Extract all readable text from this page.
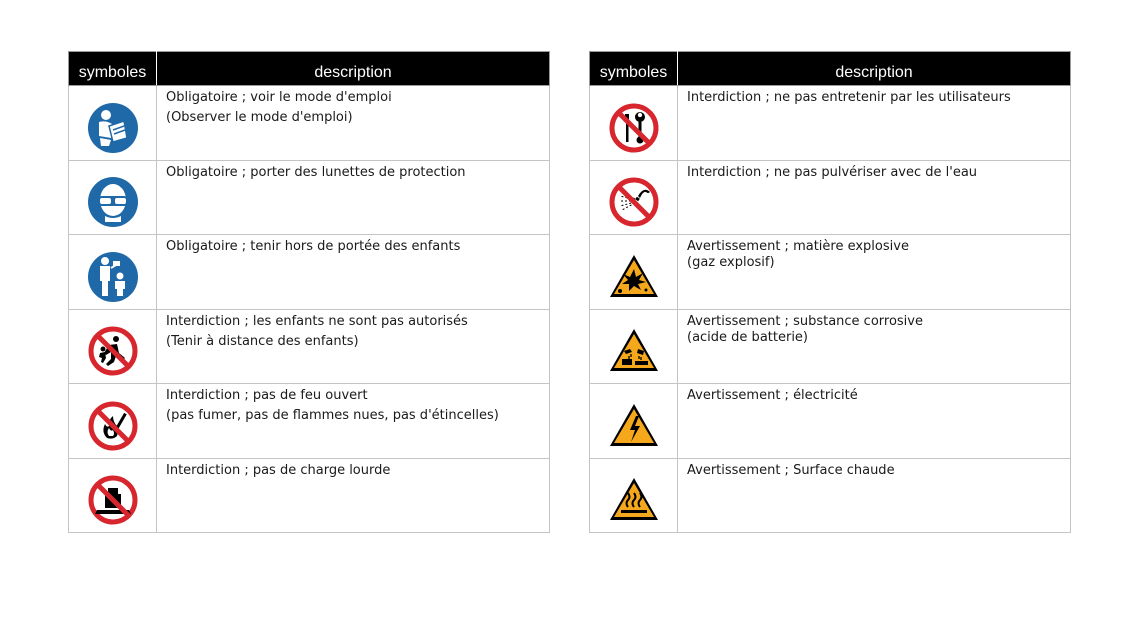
symboles	description

Obligatoire ; voir le mode d'emploi
(Observer le mode d'emploi)

Obligatoire ; porter des lunettes de protection

Obligatoire ; tenir hors de portée des enfants

Interdiction ; les enfants ne sont pas autorisés
(Tenir à distance des enfants)

Interdiction ; pas de feu ouvert
(pas fumer, pas de flammes nues, pas d'étincelles)

Interdiction ; pas de charge lourde
symboles	description

Interdiction ; ne pas entretenir par les utilisateurs

Interdiction ; ne pas pulvériser avec de l'eau

Avertissement ; matière explosive
(gaz explosif)

Avertissement ; substance corrosive
(acide de batterie)

Avertissement ; électricité

Avertissement ; Surface chaude
